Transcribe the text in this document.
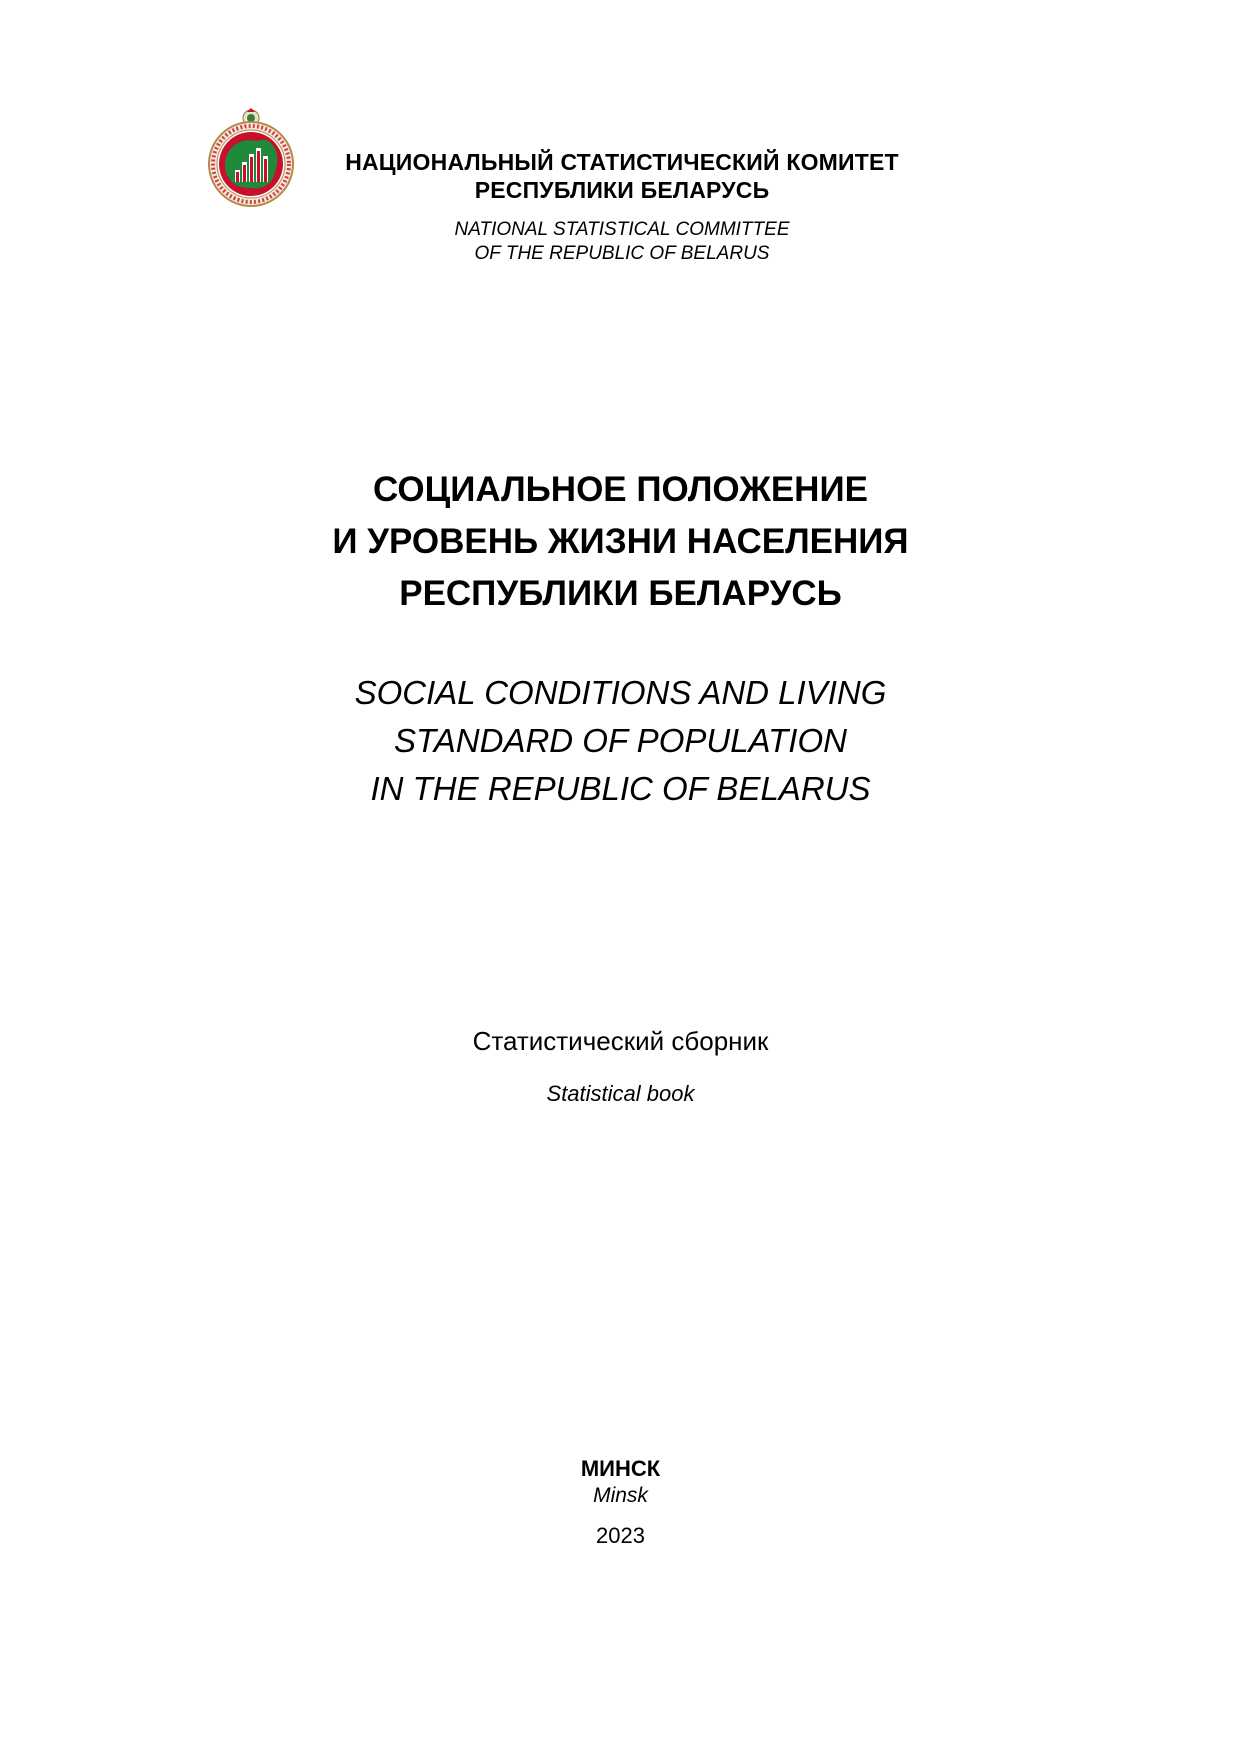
НАЦИОНАЛЬНЫЙ СТАТИСТИЧЕСКИЙ КОМИТЕТ
РЕСПУБЛИКИ БЕЛАРУСЬ
NATIONAL STATISTICAL COMMITTEE
OF THE REPUBLIC OF BELARUS
СОЦИАЛЬНОЕ ПОЛОЖЕНИЕ
И УРОВЕНЬ ЖИЗНИ НАСЕЛЕНИЯ
РЕСПУБЛИКИ БЕЛАРУСЬ
SOCIAL CONDITIONS AND LIVING
STANDARD OF POPULATION
IN THE REPUBLIC OF BELARUS
Статистический сборник
Statistical book
МИНСК
Minsk
2023
